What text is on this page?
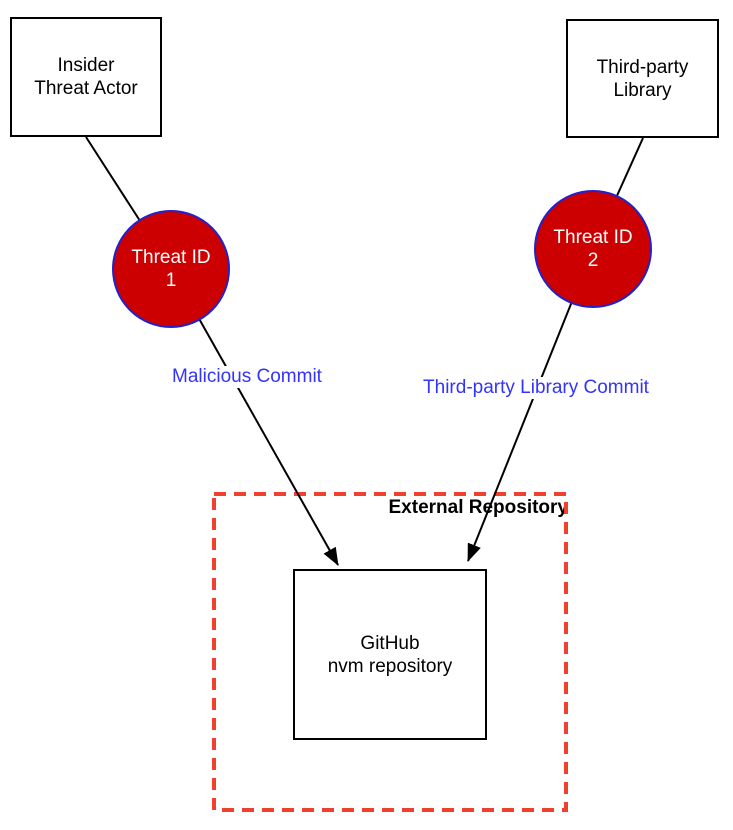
External Repository
Insider
Threat Actor
Third-party
Library
GitHub
nvm repository
Threat ID
1
Threat ID
2
Malicious Commit
Third-party Library Commit
